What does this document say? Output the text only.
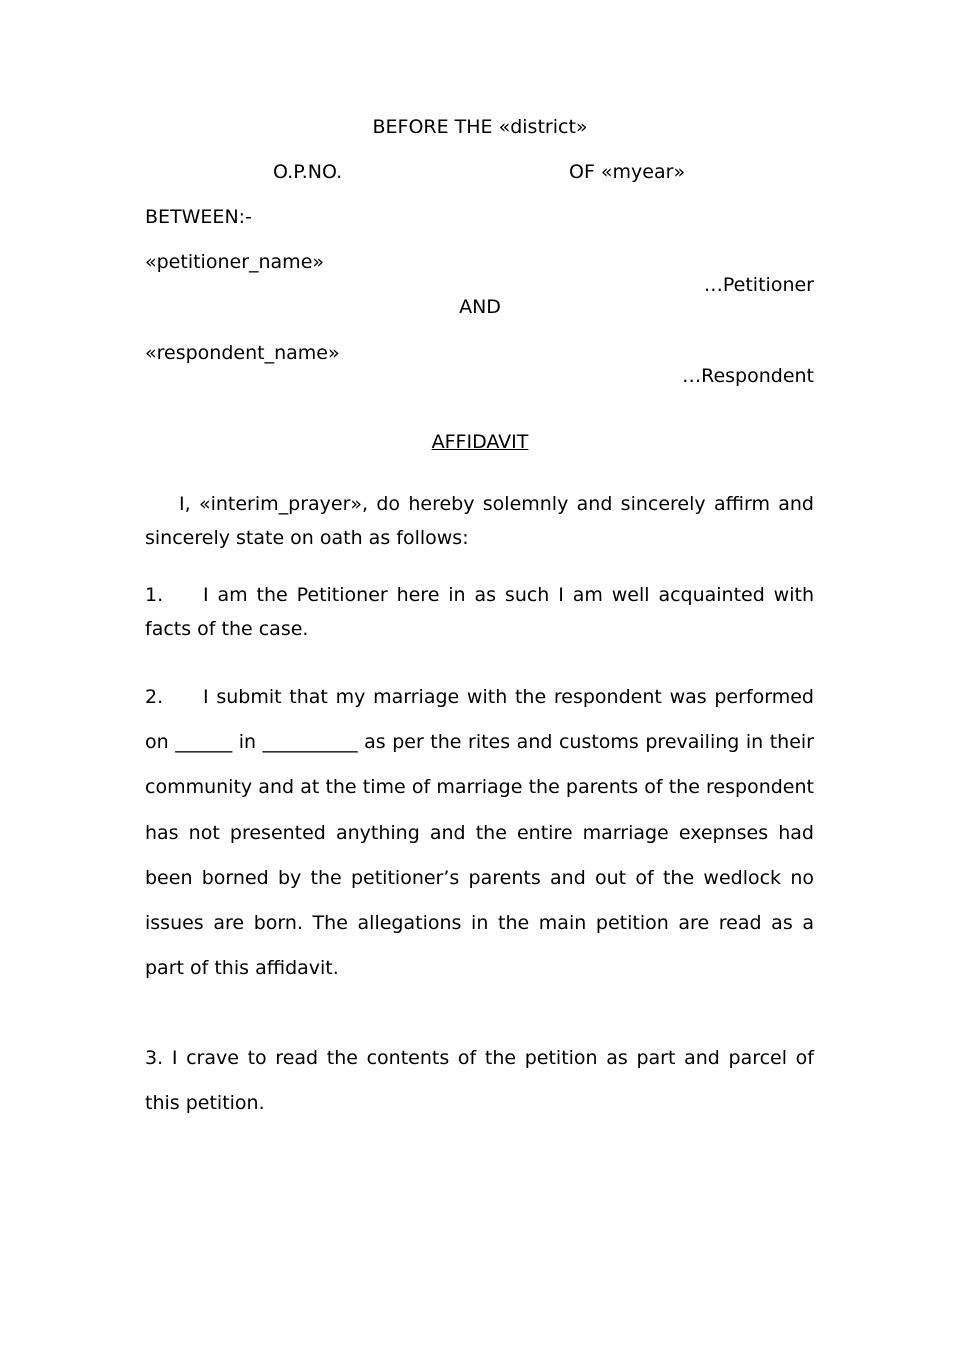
BEFORE THE «district»
O.P.NO.	OF «myear»
BETWEEN:-
«petitioner_name»
…Petitioner
AND
«respondent_name»
…Respondent
AFFIDAVIT
I, «interim_prayer», do hereby solemnly and sincerely affirm and sincerely state on oath as follows:
1. I am the Petitioner here in as such I am well acquainted with facts of the case.
2. I submit that my marriage with the respondent was performed on ______ in __________ as per the rites and customs prevailing in their community and at the time of marriage the parents of the respondent has not presented anything and the entire marriage exepnses had been borned by the petitioner’s parents and out of the wedlock no issues are born. The allegations in the main petition are read as a part of this affidavit.
3. I crave to read the contents of the petition as part and parcel of this petition.
